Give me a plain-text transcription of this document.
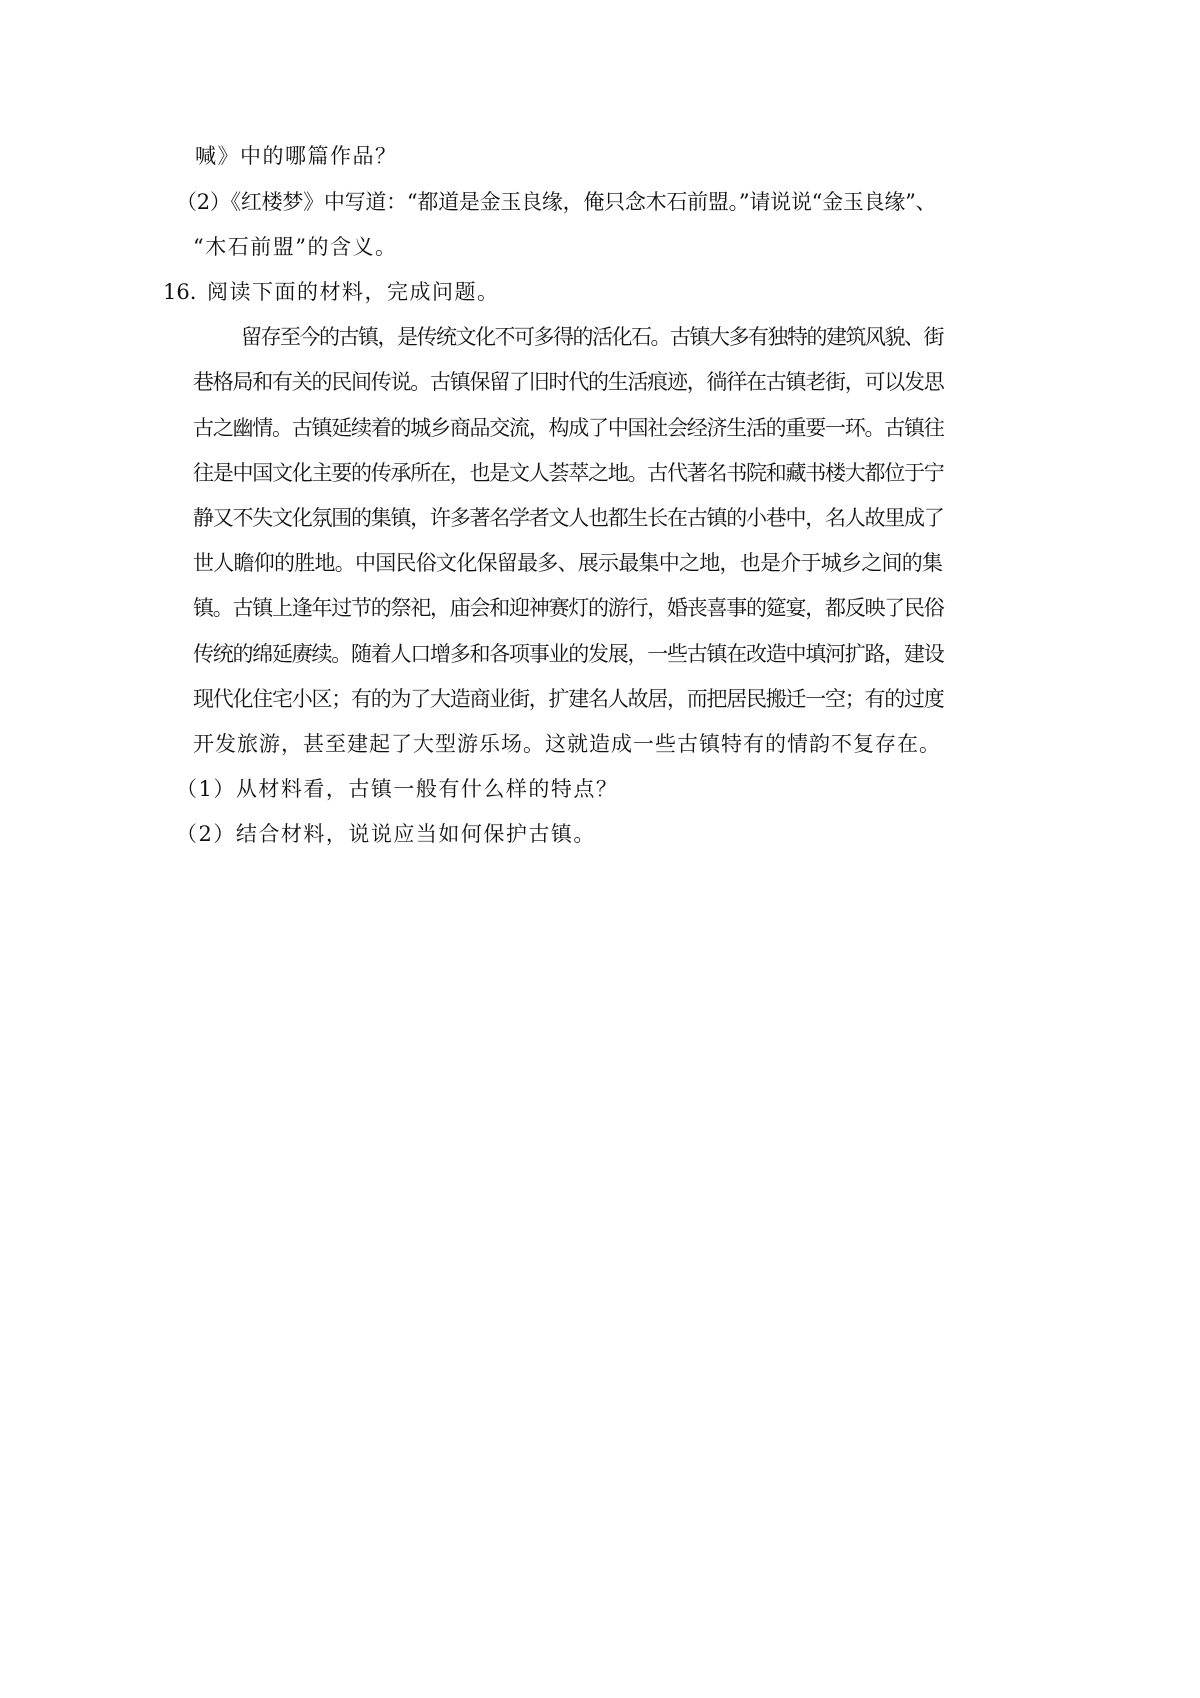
喊》中的哪篇作品？
（2）《红楼梦》中写道：“都道是金玉良缘，俺只念木石前盟。”请说说“金玉良缘”、
“木石前盟”的含义。
16. 阅读下面的材料，完成问题。
留存至今的古镇，是传统文化不可多得的活化石。古镇大多有独特的建筑风貌、街
巷格局和有关的民间传说。古镇保留了旧时代的生活痕迹，徜徉在古镇老街，可以发思
古之幽情。古镇延续着的城乡商品交流，构成了中国社会经济生活的重要一环。古镇往
往是中国文化主要的传承所在，也是文人荟萃之地。古代著名书院和藏书楼大都位于宁
静又不失文化氛围的集镇，许多著名学者文人也都生长在古镇的小巷中，名人故里成了
世人瞻仰的胜地。中国民俗文化保留最多、展示最集中之地，也是介于城乡之间的集
镇。古镇上逢年过节的祭祀，庙会和迎神赛灯的游行，婚丧喜事的筵宴，都反映了民俗
传统的绵延赓续。随着人口增多和各项事业的发展，一些古镇在改造中填河扩路，建设
现代化住宅小区；有的为了大造商业街，扩建名人故居，而把居民搬迁一空；有的过度
开发旅游，甚至建起了大型游乐场。这就造成一些古镇特有的情韵不复存在。
（1）从材料看，古镇一般有什么样的特点？
（2）结合材料，说说应当如何保护古镇。
